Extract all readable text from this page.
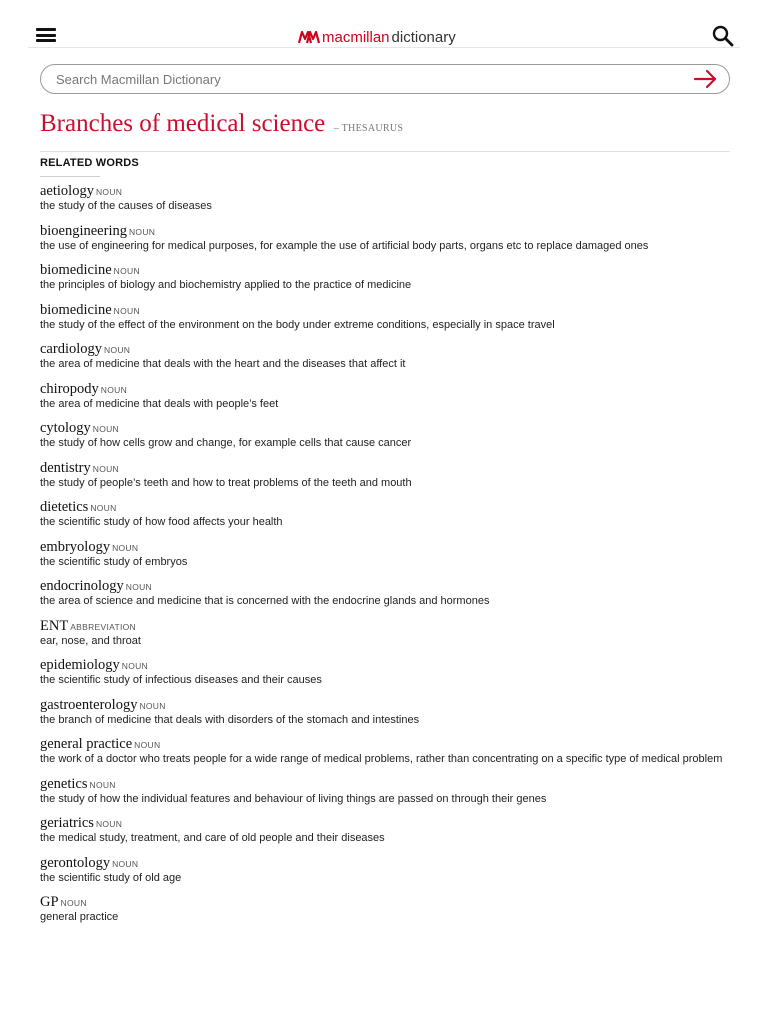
macmillan dictionary
Search Macmillan Dictionary
Branches of medical science – THESAURUS
RELATED WORDS
aetiology NOUN
the study of the causes of diseases
bioengineering NOUN
the use of engineering for medical purposes, for example the use of artificial body parts, organs etc to replace damaged ones
biomedicine NOUN
the principles of biology and biochemistry applied to the practice of medicine
biomedicine NOUN
the study of the effect of the environment on the body under extreme conditions, especially in space travel
cardiology NOUN
the area of medicine that deals with the heart and the diseases that affect it
chiropody NOUN
the area of medicine that deals with people’s feet
cytology NOUN
the study of how cells grow and change, for example cells that cause cancer
dentistry NOUN
the study of people’s teeth and how to treat problems of the teeth and mouth
dietetics NOUN
the scientific study of how food affects your health
embryology NOUN
the scientific study of embryos
endocrinology NOUN
the area of science and medicine that is concerned with the endocrine glands and hormones
ENT ABBREVIATION
ear, nose, and throat
epidemiology NOUN
the scientific study of infectious diseases and their causes
gastroenterology NOUN
the branch of medicine that deals with disorders of the stomach and intestines
general practice NOUN
the work of a doctor who treats people for a wide range of medical problems, rather than concentrating on a specific type of medical problem
genetics NOUN
the study of how the individual features and behaviour of living things are passed on through their genes
geriatrics NOUN
the medical study, treatment, and care of old people and their diseases
gerontology NOUN
the scientific study of old age
GP NOUN
general practice
